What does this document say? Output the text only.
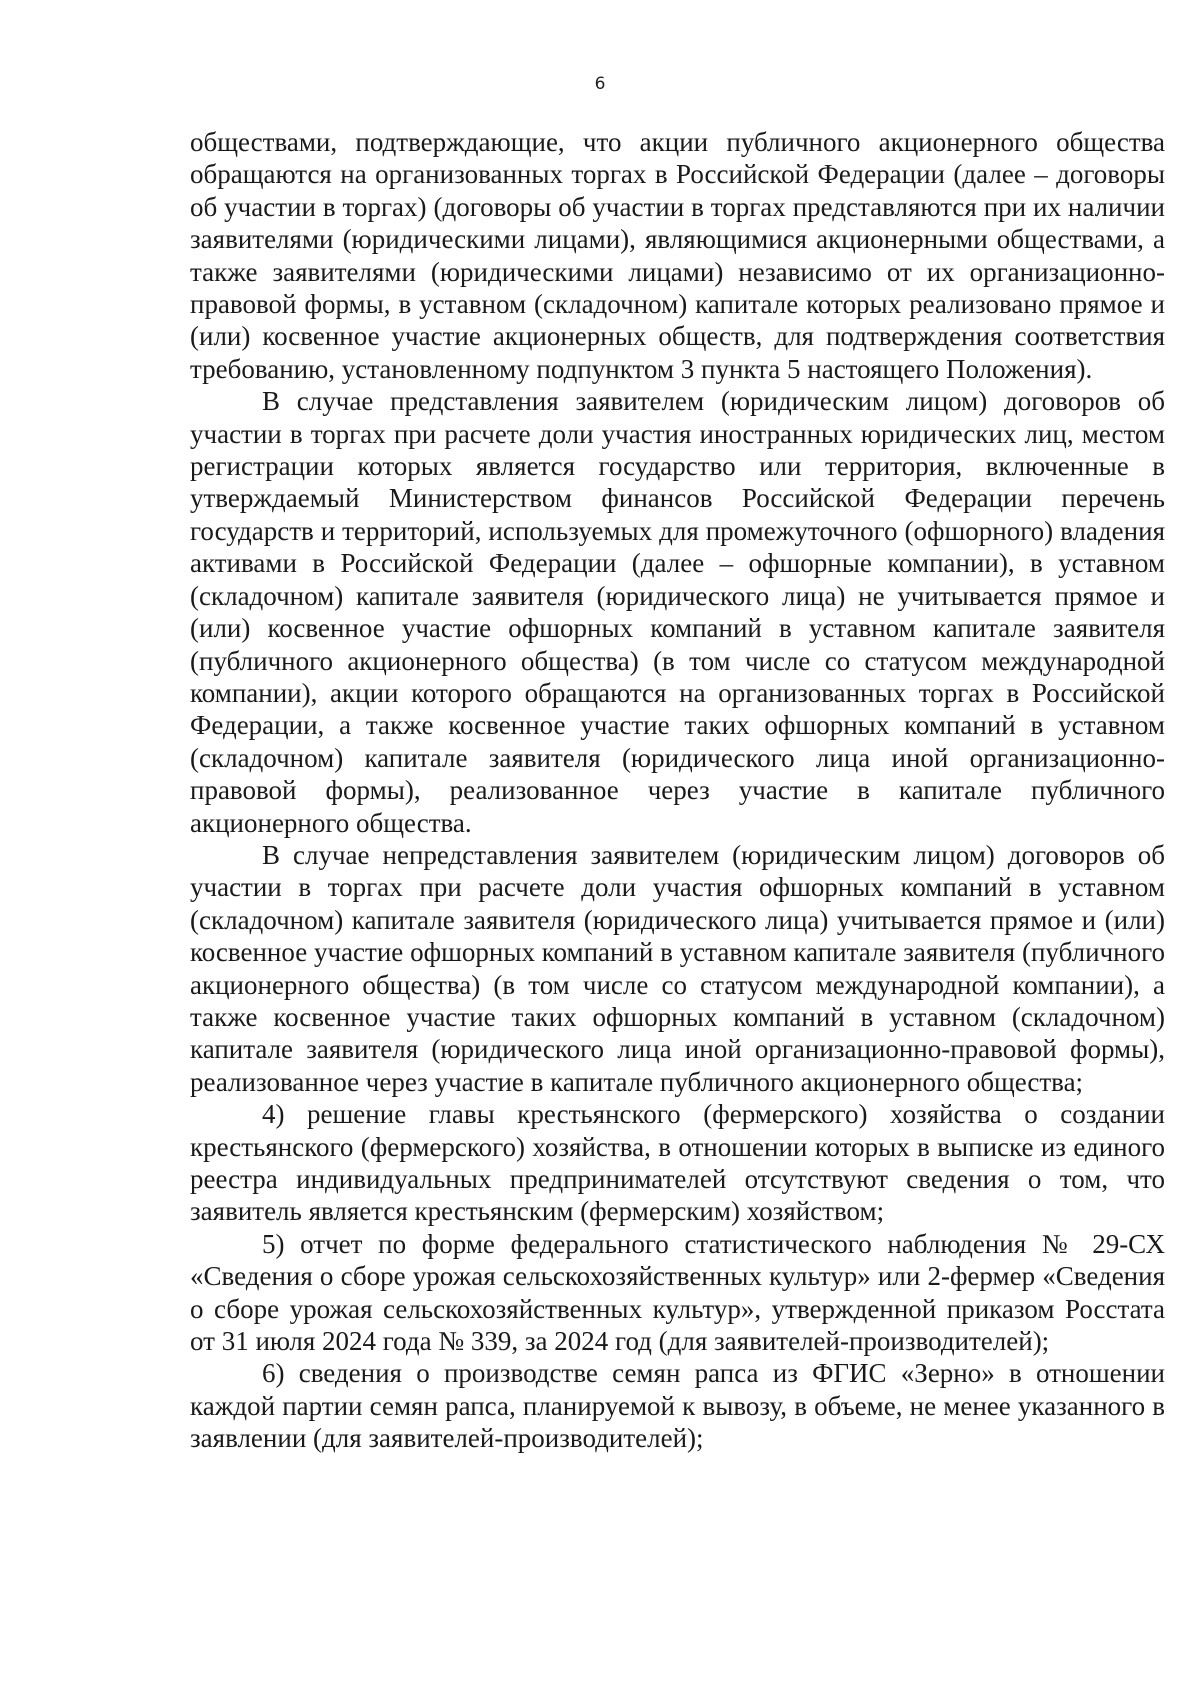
6

обществами, подтверждающие, что акции публичного акционерного общества обращаются на организованных торгах в Российской Федерации (далее – договоры об участии в торгах) (договоры об участии в торгах представляются при их наличии заявителями (юридическими лицами), являющимися акционерными обществами, а также заявителями (юридическими лицами) независимо от их организационно-правовой формы, в уставном (складочном) капитале которых реализовано прямое и (или) косвенное участие акционерных обществ, для подтверждения соответствия требованию, установленному подпунктом 3 пункта 5 настоящего Положения).

В случае представления заявителем (юридическим лицом) договоров об участии в торгах при расчете доли участия иностранных юридических лиц, местом регистрации которых является государство или территория, включенные в утверждаемый Министерством финансов Российской Федерации перечень государств и территорий, используемых для промежуточного (офшорного) владения активами в Российской Федерации (далее – офшорные компании), в уставном (складочном) капитале заявителя (юридического лица) не учитывается прямое и (или) косвенное участие офшорных компаний в уставном капитале заявителя (публичного акционерного общества) (в том числе со статусом международной компании), акции которого обращаются на организованных торгах в Российской Федерации, а также косвенное участие таких офшорных компаний в уставном (складочном) капитале заявителя (юридического лица иной организационно-правовой формы), реализованное через участие в капитале публичного акционерного общества.

В случае непредставления заявителем (юридическим лицом) договоров об участии в торгах при расчете доли участия офшорных компаний в уставном (складочном) капитале заявителя (юридического лица) учитывается прямое и (или) косвенное участие офшорных компаний в уставном капитале заявителя (публичного акционерного общества) (в том числе со статусом международной компании), а также косвенное участие таких офшорных компаний в уставном (складочном) капитале заявителя (юридического лица иной организационно-правовой формы), реализованное через участие в капитале публичного акционерного общества;

4) решение главы крестьянского (фермерского) хозяйства о создании крестьянского (фермерского) хозяйства, в отношении которых в выписке из единого реестра индивидуальных предпринимателей отсутствуют сведения о том, что заявитель является крестьянским (фермерским) хозяйством;

5) отчет по форме федерального статистического наблюдения № 29-СХ «Сведения о сборе урожая сельскохозяйственных культур» или 2-фермер «Сведения о сборе урожая сельскохозяйственных культур», утвержденной приказом Росстата от 31 июля 2024 года № 339, за 2024 год (для заявителей-производителей);

6) сведения о производстве семян рапса из ФГИС «Зерно» в отношении каждой партии семян рапса, планируемой к вывозу, в объеме, не менее указанного в заявлении (для заявителей-производителей);
